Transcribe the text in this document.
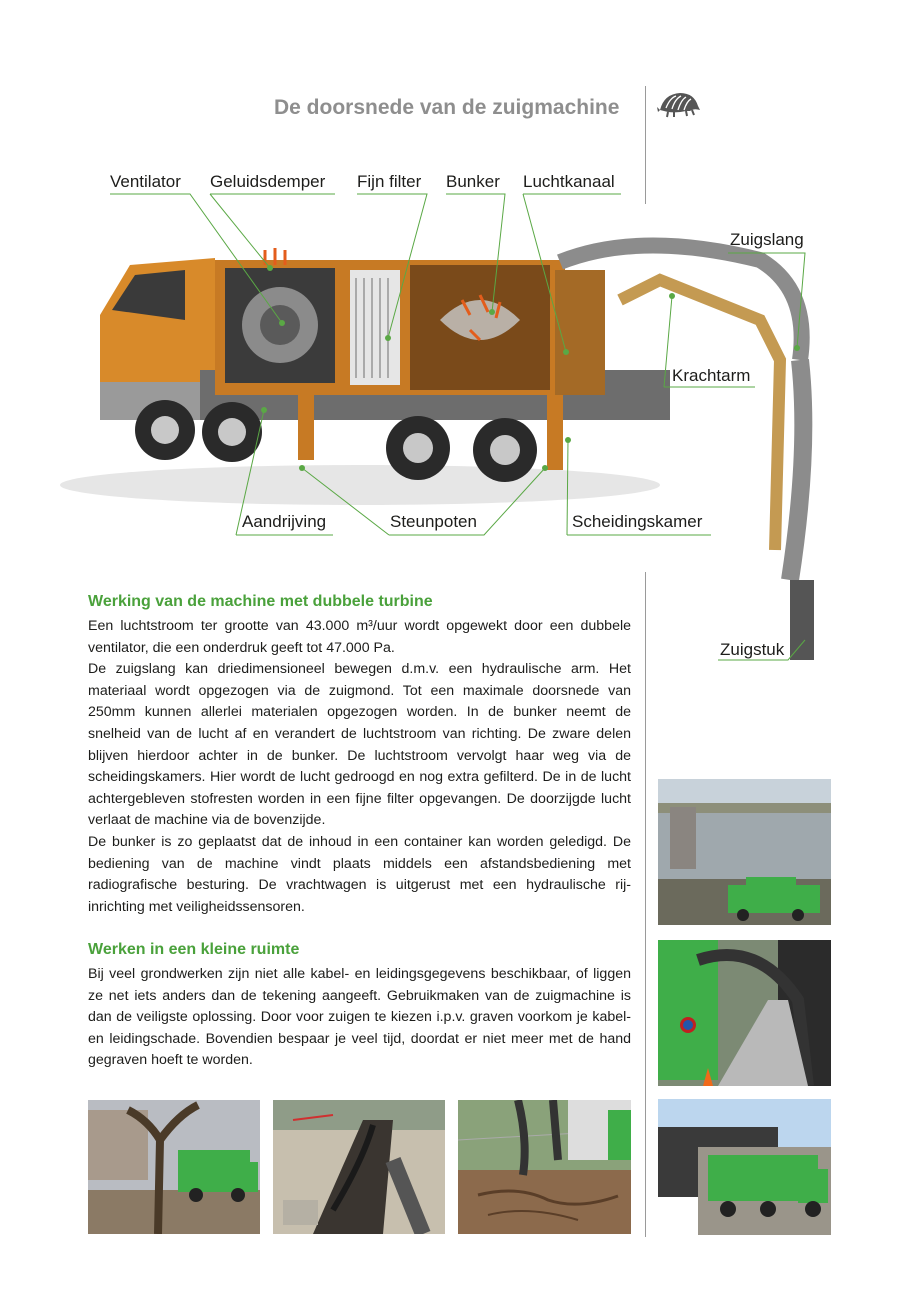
De doorsnede van de zuigmachine
Ventilator Geluidsdemper Fijn filter Bunker Luchtkanaal
Zuigslang
Krachtarm
Aandrijving	Steunpoten	Scheidingskamer
Zuigstuk
Werking van de machine met dubbele turbine

Een luchtstroom ter grootte van 43.000 m³/uur wordt opgewekt door een dubbele ventilator, die een onderdruk geeft tot 47.000 Pa.
De zuigslang kan driedimensioneel bewegen d.m.v. een hydraulische arm. Het materiaal wordt opgezogen via de zuigmond. Tot een maximale doorsnede van 250mm kunnen allerlei materialen opgezogen worden. In de bunker neemt de snelheid van de lucht af en verandert de luchtstroom van richting. De zware delen blijven hierdoor achter in de bunker. De luchtstroom vervolgt haar weg via de scheidingskamers. Hier wordt de lucht gedroogd en nog extra gefilterd. De in de lucht achtergebleven stofresten worden in een fijne filter opgevangen. De doorzijgde lucht verlaat de machine via de bovenzijde.
De bunker is zo geplaatst dat de inhoud in een container kan worden geledigd. De bediening van de machine vindt plaats middels een afstandsbediening met radiografische besturing. De vrachtwagen is uitgerust met een hydraulische rij-inrichting met veiligheidssensoren.

Werken in een kleine ruimte

Bij veel grondwerken zijn niet alle kabel- en leidingsgegevens beschikbaar, of liggen ze net iets anders dan de tekening aangeeft. Gebruikmaken van de zuigmachine is dan de veiligste oplossing. Door voor zuigen te kiezen i.p.v. graven voorkom je kabel- en leidingschade. Bovendien bespaar je veel tijd, doordat er niet meer met de hand gegraven hoeft te worden.
